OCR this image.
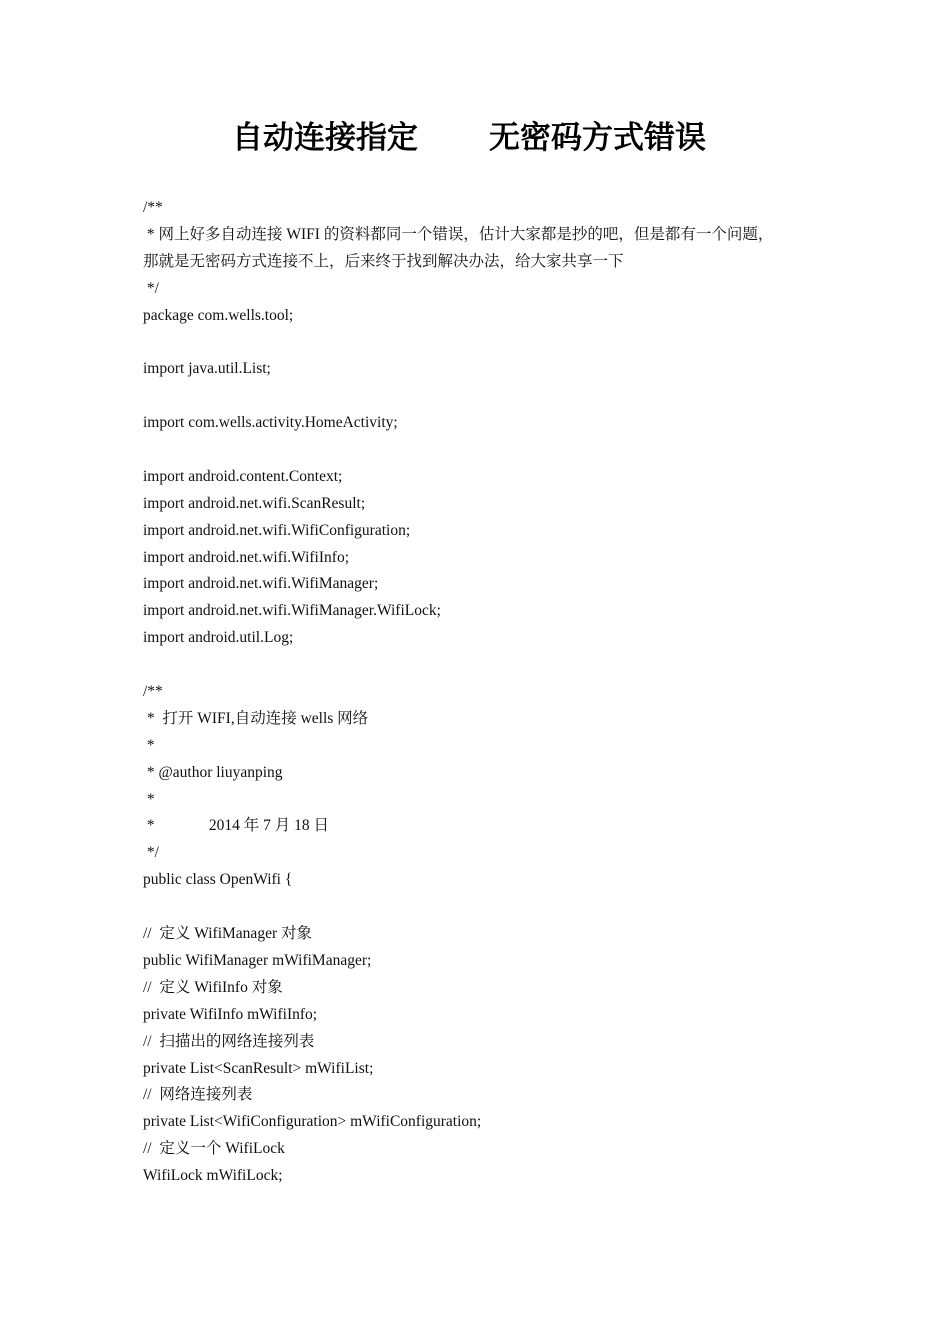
自动连接指定 无密码方式错误
/**
* 网上好多自动连接 WIFI 的资料都同一个错误，估计大家都是抄的吧，但是都有一个问题，
那就是无密码方式连接不上，后来终于找到解决办法，给大家共享一下
*/
package com.wells.tool;
import java.util.List;
import com.wells.activity.HomeActivity;
import android.content.Context;
import android.net.wifi.ScanResult;
import android.net.wifi.WifiConfiguration;
import android.net.wifi.WifiInfo;
import android.net.wifi.WifiManager;
import android.net.wifi.WifiManager.WifiLock;
import android.util.Log;
/**
*  打开 WIFI,自动连接 wells 网络
*
* @author liuyanping
*
*              2014 年 7 月 18 日
*/
public class OpenWifi {
//  定义 WifiManager 对象
public WifiManager mWifiManager;
//  定义 WifiInfo 对象
private WifiInfo mWifiInfo;
//  扫描出的网络连接列表
private List<ScanResult> mWifiList;
//  网络连接列表
private List<WifiConfiguration> mWifiConfiguration;
//  定义一个 WifiLock
WifiLock mWifiLock;
